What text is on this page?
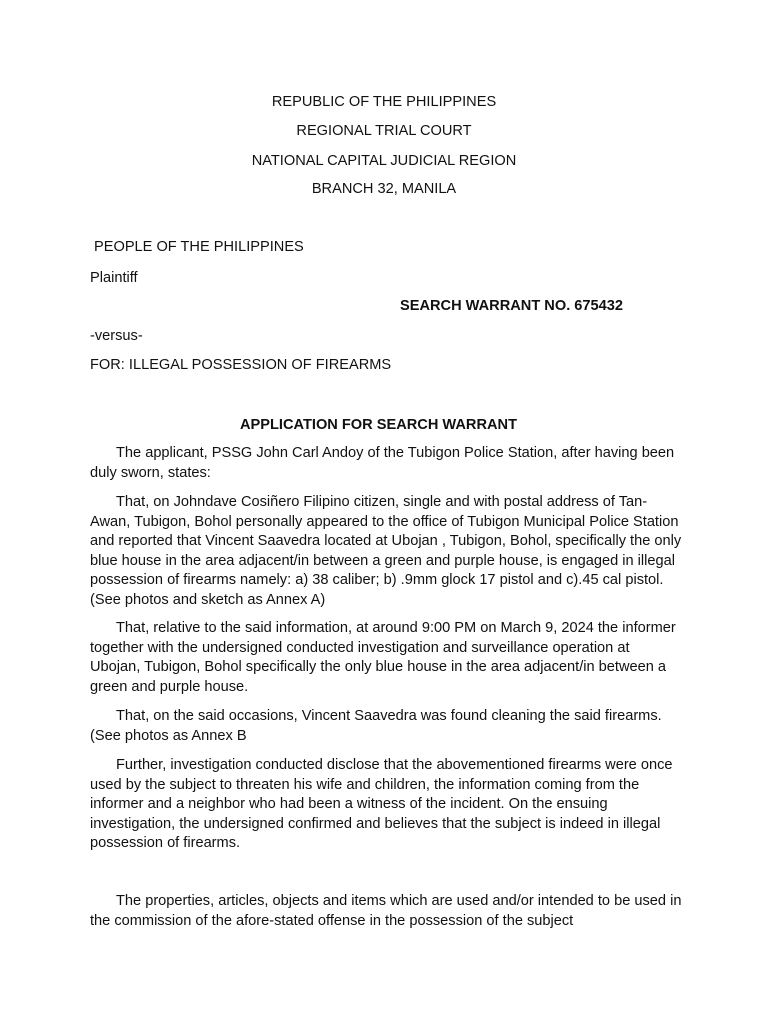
REPUBLIC OF THE PHILIPPINES
REGIONAL TRIAL COURT
NATIONAL CAPITAL JUDICIAL REGION
BRANCH 32, MANILA
PEOPLE OF THE PHILIPPINES
Plaintiff
SEARCH WARRANT NO. 675432
-versus-
FOR: ILLEGAL POSSESSION OF FIREARMS
APPLICATION FOR SEARCH WARRANT

The applicant, PSSG John Carl Andoy of the Tubigon Police Station, after having been duly sworn, states:

That, on Johndave Cosiñero Filipino citizen, single and with postal address of Tan-Awan, Tubigon, Bohol personally appeared to the office of Tubigon Municipal Police Station and reported that Vincent Saavedra located at Ubojan , Tubigon, Bohol, specifically the only blue house in the area adjacent/in between a green and purple house, is engaged in illegal possession of firearms namely: a) 38 caliber; b) .9mm glock 17 pistol and c).45 cal pistol. (See photos and sketch as Annex A)

That, relative to the said information, at around 9:00 PM on March 9, 2024 the informer together with the undersigned conducted investigation and surveillance operation at Ubojan, Tubigon, Bohol specifically the only blue house in the area adjacent/in between a green and purple house.

That, on the said occasions, Vincent Saavedra was found cleaning the said firearms. (See photos as Annex B

Further, investigation conducted disclose that the abovementioned firearms were once used by the subject to threaten his wife and children, the information coming from the informer and a neighbor who had been a witness of the incident. On the ensuing investigation, the undersigned confirmed and believes that the subject is indeed in illegal possession of firearms.

The properties, articles, objects and items which are used and/or intended to be used in the commission of the afore-stated offense in the possession of the subject
